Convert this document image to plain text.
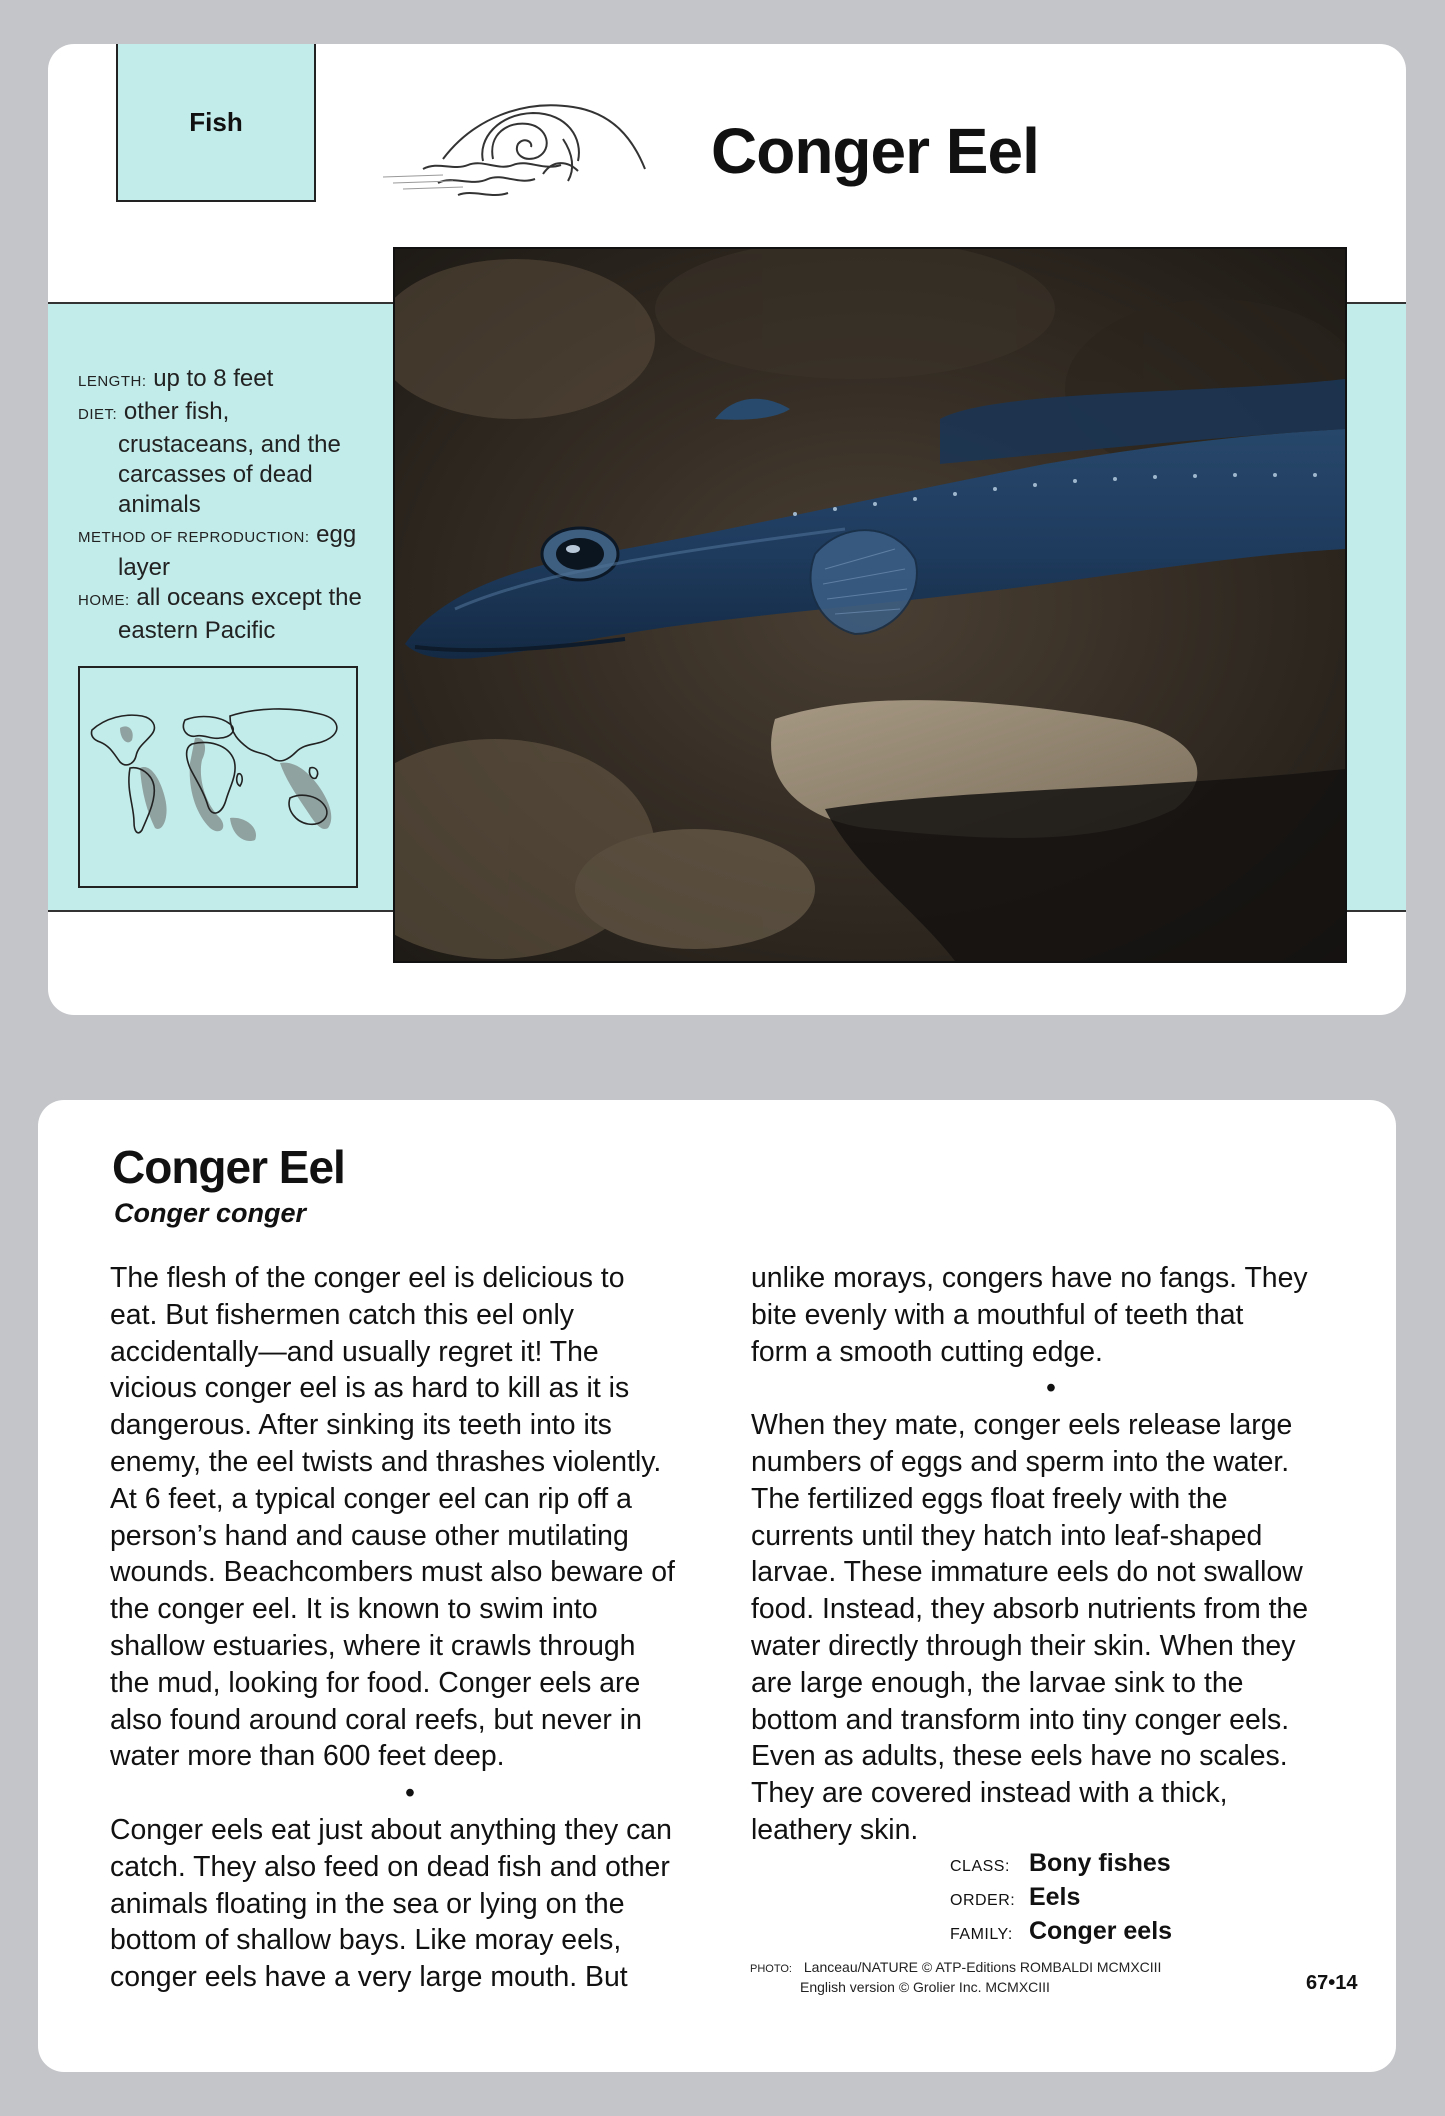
Fish	Conger Eel
LENGTH: up to 8 feet
DIET: other fish, crustaceans, and the carcasses of dead animals
METHOD OF REPRODUCTION: egg layer
HOME: all oceans except the eastern Pacific
Conger Eel
Conger conger

The flesh of the conger eel is delicious to

eat. But fishermen catch this eel only

accidentally—and usually regret it! The

vicious conger eel is as hard to kill as it is

dangerous. After sinking its teeth into its

enemy, the eel twists and thrashes violently.

At 6 feet, a typical conger eel can rip off a

person’s hand and cause other mutilating

wounds. Beachcombers must also beware of

the conger eel. It is known to swim into

shallow estuaries, where it crawls through

the mud, looking for food. Conger eels are

also found around coral reefs, but never in

water more than 600 feet deep.

•

Conger eels eat just about anything they can

catch. They also feed on dead fish and other

animals floating in the sea or lying on the

bottom of shallow bays. Like moray eels,

conger eels have a very large mouth. But

unlike morays, congers have no fangs. They

bite evenly with a mouthful of teeth that

form a smooth cutting edge.

•

When they mate, conger eels release large

numbers of eggs and sperm into the water.

The fertilized eggs float freely with the

currents until they hatch into leaf-shaped

larvae. These immature eels do not swallow

food. Instead, they absorb nutrients from the

water directly through their skin. When they

are large enough, the larvae sink to the

bottom and transform into tiny conger eels.

Even as adults, these eels have no scales.

They are covered instead with a thick,

leathery skin.

CLASS: Bony fishes
ORDER: Eels
FAMILY: Conger eels
PHOTO: Lanceau/NATURE © ATP-Editions ROMBALDI MCMXCIII
English version © Grolier Inc. MCMXCIII	67•14
